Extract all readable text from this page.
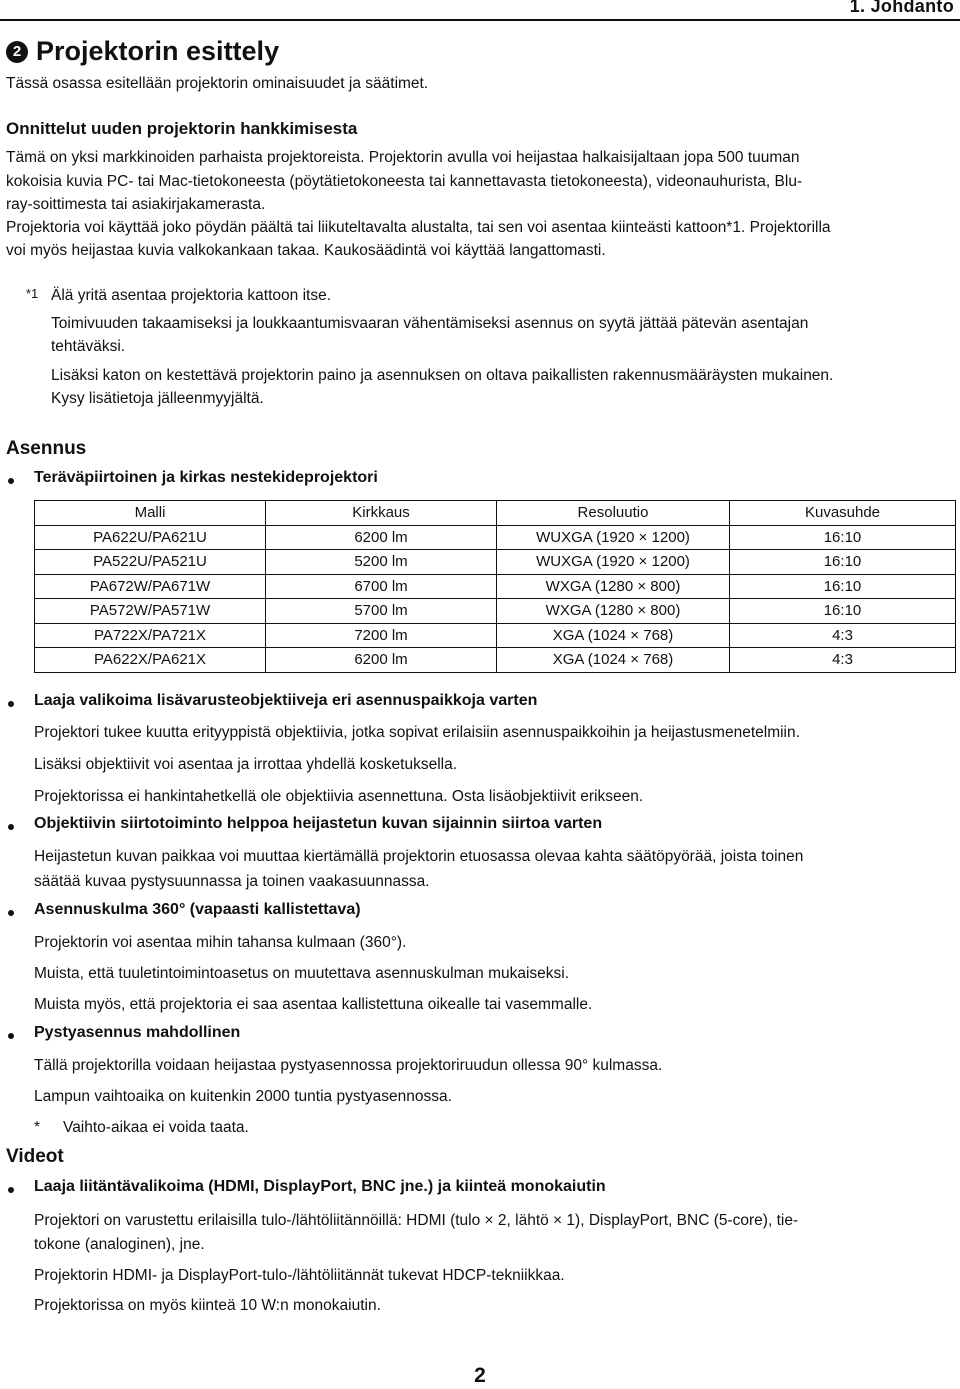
1. Johdanto
2 Projektorin esittely
Tässä osassa esitellään projektorin ominaisuudet ja säätimet.
Onnittelut uuden projektorin hankkimisesta
Tämä on yksi markkinoiden parhaista projektoreista. Projektorin avulla voi heijastaa halkaisijaltaan jopa 500 tuuman
kokoisia kuvia PC- tai Mac-tietokoneesta (pöytätietokoneesta tai kannettavasta tietokoneesta), videonauhurista, Blu-
ray-soittimesta tai asiakirjakamerasta.
Projektoria voi käyttää joko pöydän päältä tai liikuteltavalta alustalta, tai sen voi asentaa kiinteästi kattoon*1. Projektorilla
voi myös heijastaa kuvia valkokankaan takaa. Kaukosäädintä voi käyttää langattomasti.
*1 Älä yritä asentaa projektoria kattoon itse.
Toimivuuden takaamiseksi ja loukkaantumisvaaran vähentämiseksi asennus on syytä jättää pätevän asentajan
tehtäväksi.
Lisäksi katon on kestettävä projektorin paino ja asennuksen on oltava paikallisten rakennusmääräysten mukainen.
Kysy lisätietoja jälleenmyyjältä.
Asennus
Teräväpiirtoinen ja kirkas nestekideprojektori
Malli	Kirkkaus	Resoluutio	Kuvasuhde
PA622U/PA621U	6200 lm	WUXGA (1920 × 1200)	16:10
PA522U/PA521U	5200 lm	WUXGA (1920 × 1200)	16:10
PA672W/PA671W	6700 lm	WXGA (1280 × 800)	16:10
PA572W/PA571W	5700 lm	WXGA (1280 × 800)	16:10
PA722X/PA721X	7200 lm	XGA (1024 × 768)	4:3
PA622X/PA621X	6200 lm	XGA (1024 × 768)	4:3
Laaja valikoima lisävarusteobjektiiveja eri asennuspaikkoja varten
Projektori tukee kuutta erityyppistä objektiivia, jotka sopivat erilaisiin asennuspaikkoihin ja heijastusmenetelmiin.
Lisäksi objektiivit voi asentaa ja irrottaa yhdellä kosketuksella.
Projektorissa ei hankintahetkellä ole objektiivia asennettuna. Osta lisäobjektiivit erikseen.
Objektiivin siirtotoiminto helppoa heijastetun kuvan sijainnin siirtoa varten
Heijastetun kuvan paikkaa voi muuttaa kiertämällä projektorin etuosassa olevaa kahta säätöpyörää, joista toinen
säätää kuvaa pystysuunnassa ja toinen vaakasuunnassa.
Asennuskulma 360° (vapaasti kallistettava)
Projektorin voi asentaa mihin tahansa kulmaan (360°).
Muista, että tuuletintoimintoasetus on muutettava asennuskulman mukaiseksi.
Muista myös, että projektoria ei saa asentaa kallistettuna oikealle tai vasemmalle.
Pystyasennus mahdollinen
Tällä projektorilla voidaan heijastaa pystyasennossa projektoriruudun ollessa 90° kulmassa.
Lampun vaihtoaika on kuitenkin 2000 tuntia pystyasennossa.
* Vaihto-aikaa ei voida taata.
Videot
Laaja liitäntävalikoima (HDMI, DisplayPort, BNC jne.) ja kiinteä monokaiutin
Projektori on varustettu erilaisilla tulo-/lähtöliitännöillä: HDMI (tulo × 2, lähtö × 1), DisplayPort, BNC (5-core), tie-
tokone (analoginen), jne.
Projektorin HDMI- ja DisplayPort-tulo-/lähtöliitännät tukevat HDCP-tekniikkaa.
Projektorissa on myös kiinteä 10 W:n monokaiutin.
2
